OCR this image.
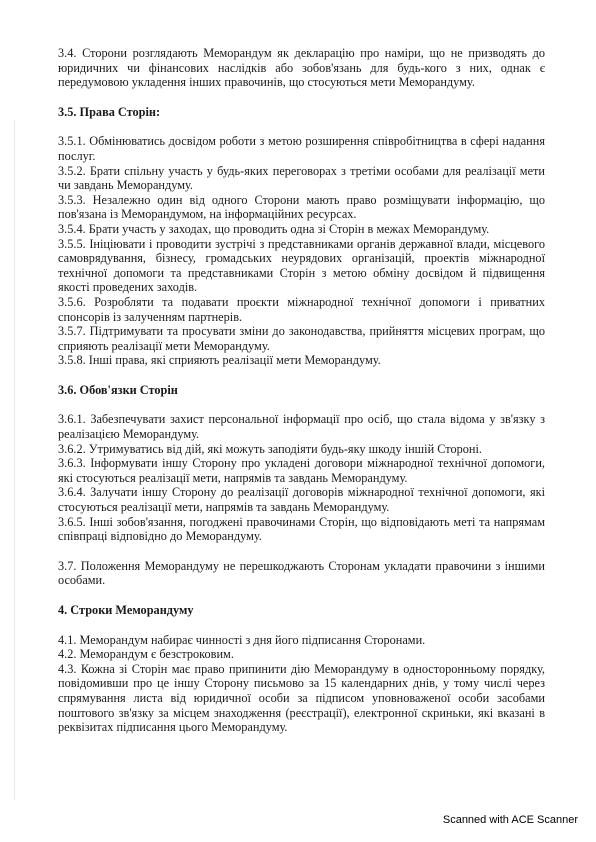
3.4. Сторони розглядають Меморандум як декларацію про наміри, що не призводять до юридичних чи фінансових наслідків або зобов'язань для будь-кого з них, однак є передумовою укладення інших правочинів, що стосуються мети Меморандуму.

3.5. Права Сторін:

3.5.1. Обмінюватись досвідом роботи з метою розширення співробітництва в сфері надання послуг.

3.5.2. Брати спільну участь у будь-яких переговорах з третіми особами для реалізації мети чи завдань Меморандуму.

3.5.3. Незалежно один від одного Сторони мають право розміщувати інформацію, що пов'язана із Меморандумом, на інформаційних ресурсах.

3.5.4. Брати участь у заходах, що проводить одна зі Сторін в межах Меморандуму.

3.5.5. Ініціювати і проводити зустрічі з представниками органів державної влади, місцевого самоврядування, бізнесу, громадських неурядових організацій, проектів міжнародної технічної допомоги та представниками Сторін з метою обміну досвідом й підвищення якості проведених заходів.

3.5.6. Розробляти та подавати проєкти міжнародної технічної допомоги і приватних спонсорів із залученням партнерів.

3.5.7. Підтримувати та просувати зміни до законодавства, прийняття місцевих програм, що сприяють реалізації мети Меморандуму.

3.5.8. Інші права, які сприяють реалізації мети Меморандуму.

3.6. Обов'язки Сторін

3.6.1. Забезпечувати захист персональної інформації про осіб, що стала відома у зв'язку з реалізацією Меморандуму.

3.6.2. Утримуватись від дій, які можуть заподіяти будь-яку шкоду іншій Стороні.

3.6.3. Інформувати іншу Сторону про укладені договори міжнародної технічної допомоги, які стосуються реалізації мети, напрямів та завдань Меморандуму.

3.6.4. Залучати іншу Сторону до реалізації договорів міжнародної технічної допомоги, які стосуються реалізації мети, напрямів та завдань Меморандуму.

3.6.5. Інші зобов'язання, погоджені правочинами Сторін, що відповідають меті та напрямам співпраці відповідно до Меморандуму.

3.7. Положення Меморандуму не перешкоджають Сторонам укладати правочини з іншими особами.

4. Строки Меморандуму

4.1. Меморандум набирає чинності з дня його підписання Сторонами.

4.2. Меморандум є безстроковим.

4.3. Кожна зі Сторін має право припинити дію Меморандуму в односторонньому порядку, повідомивши про це іншу Сторону письмово за 15 календарних днів, у тому числі через спрямування листа від юридичної особи за підписом уповноваженої особи засобами поштового зв'язку за місцем знаходження (реєстрації), електронної скриньки, які вказані в реквізитах підписання цього Меморандуму.

Scanned with ACE Scanner
